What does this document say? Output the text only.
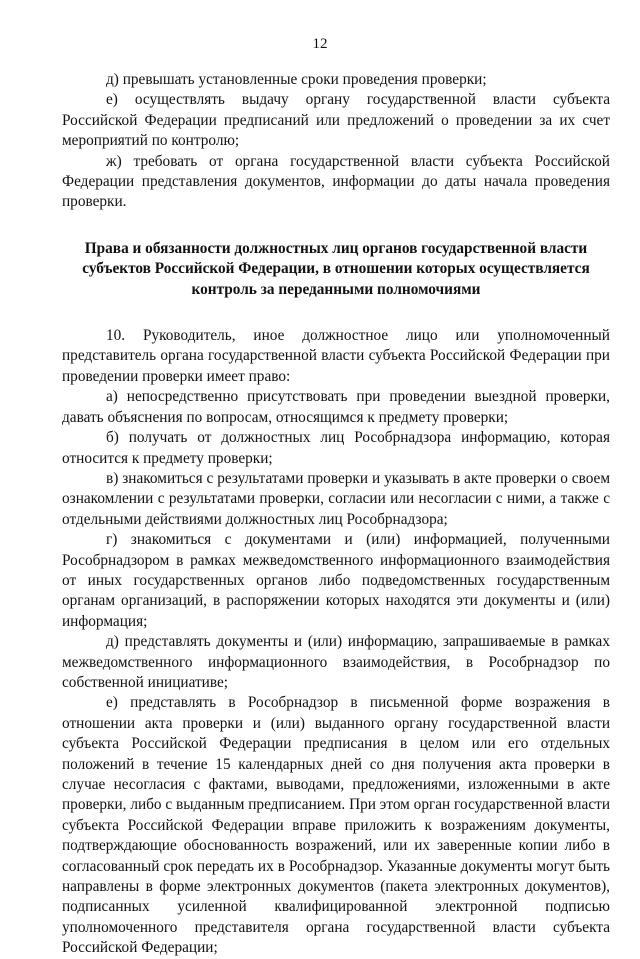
12

д) превышать установленные сроки проведения проверки;

е) осуществлять выдачу органу государственной власти субъекта Российской Федерации предписаний или предложений о проведении за их счет мероприятий по контролю;

ж) требовать от органа государственной власти субъекта Российской Федерации представления документов, информации до даты начала проведения проверки.

Права и обязанности должностных лиц органов государственной власти субъектов Российской Федерации, в отношении которых осуществляется контроль за переданными полномочиями

10. Руководитель, иное должностное лицо или уполномоченный представитель органа государственной власти субъекта Российской Федерации при проведении проверки имеет право:

а) непосредственно присутствовать при проведении выездной проверки, давать объяснения по вопросам, относящимся к предмету проверки;

б) получать от должностных лиц Рособрнадзора информацию, которая относится к предмету проверки;

в) знакомиться с результатами проверки и указывать в акте проверки о своем ознакомлении с результатами проверки, согласии или несогласии с ними, а также с отдельными действиями должностных лиц Рособрнадзора;

г) знакомиться с документами и (или) информацией, полученными Рособрнадзором в рамках межведомственного информационного взаимодействия от иных государственных органов либо подведомственных государственным органам организаций, в распоряжении которых находятся эти документы и (или) информация;

д) представлять документы и (или) информацию, запрашиваемые в рамках межведомственного информационного взаимодействия, в Рособрнадзор по собственной инициативе;

е) представлять в Рособрнадзор в письменной форме возражения в отношении акта проверки и (или) выданного органу государственной власти субъекта Российской Федерации предписания в целом или его отдельных положений в течение 15 календарных дней со дня получения акта проверки в случае несогласия с фактами, выводами, предложениями, изложенными в акте проверки, либо с выданным предписанием. При этом орган государственной власти субъекта Российской Федерации вправе приложить к возражениям документы, подтверждающие обоснованность возражений, или их заверенные копии либо в согласованный срок передать их в Рособрнадзор. Указанные документы могут быть направлены в форме электронных документов (пакета электронных документов), подписанных усиленной квалифицированной электронной подписью уполномоченного представителя органа государственной власти субъекта Российской Федерации;
